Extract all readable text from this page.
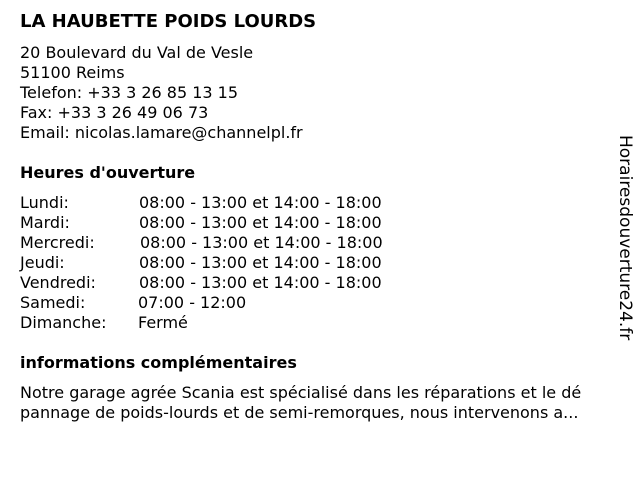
LA HAUBETTE POIDS LOURDS
20 Boulevard du Val de Vesle
51100 Reims
Telefon: +33 3 26 85 13 15
Fax: +33 3 26 49 06 73
Email: nicolas.lamare@channelpl.fr
Heures d'ouverture
Lundi:	08:00 - 13:00 et 14:00 - 18:00
Mardi:	08:00 - 13:00 et 14:00 - 18:00
Mercredi:	08:00 - 13:00 et 14:00 - 18:00
Jeudi:	08:00 - 13:00 et 14:00 - 18:00
Vendredi:	08:00 - 13:00 et 14:00 - 18:00
Samedi:	07:00 - 12:00
Dimanche: Fermé
informations complémentaires
Notre garage agrée Scania est spécialisé dans les réparations et le dé
pannage de poids-lourds et de semi-remorques, nous intervenons a...
Horairesdouverture24.fr
